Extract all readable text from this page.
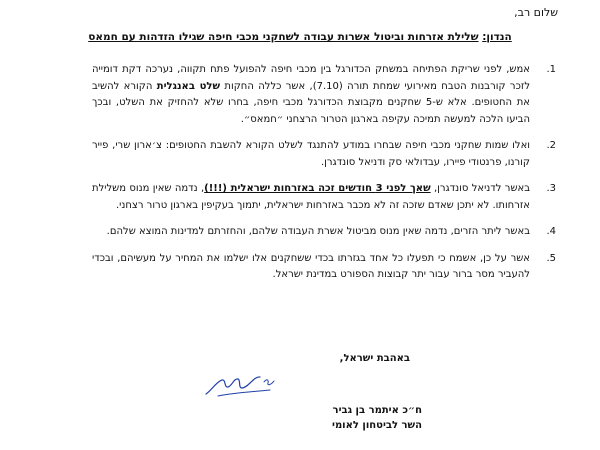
שלום רב,
הנדון: שלילת אזרחות וביטול אשרות עבודה לשחקני מכבי חיפה שגילו הזדהות עם חמאס
1.
אמש, לפני שריקת הפתיחה במשחק הכדורגל בין מכבי חיפה להפועל פתח תקווה, נערכה דקת דומייה לזכר קורבנות הטבח מאירועי שמחת תורה (7.10), אשר כללה החקות שלט באנגלית הקורא להשיב את החטופים. אלא ש-5 שחקנים מקבוצת הכדורגל מכבי חיפה, בחרו שלא להחזיק את השלט, ובכך הביעו הלכה למעשה תמיכה עקיפה בארגון הטרור הרצחני ״חמאס״.
2.
ואלו שמות שחקני מכבי חיפה שבחרו במודע להתנגד לשלט הקורא להשבת החטופים: צ׳ארון שרי, פייר קורנו, פרנטודי פיירו, עבדולאי סק ודניאל סונדגרן.
3.
באשר לדניאל סונדגרן, שאך לפני 3 חודשים זכה באזרחות ישראלית (!!!), נדמה שאין מנוס משלילת אזרחותו. לא יתכן שאדם שזכה זה לא מכבר באזרחות ישראלית, יתמוך בעקיפין בארגון טרור רצחני.
4.
באשר ליתר הזרים, נדמה שאין מנוס מביטול אשרת העבודה שלהם, והחזרתם למדינות המוצא שלהם.
5.
אשר על כן, אשמח כי תפעלו כל אחד בגזרתו בכדי ששחקנים אלו ישלמו את המחיר על מעשיהם, ובכדי להעביר מסר ברור עבור יתר קבוצות הספורט במדינת ישראל.
באהבת ישראל,
ח״כ איתמר בן גביר
השר לביטחון לאומי
